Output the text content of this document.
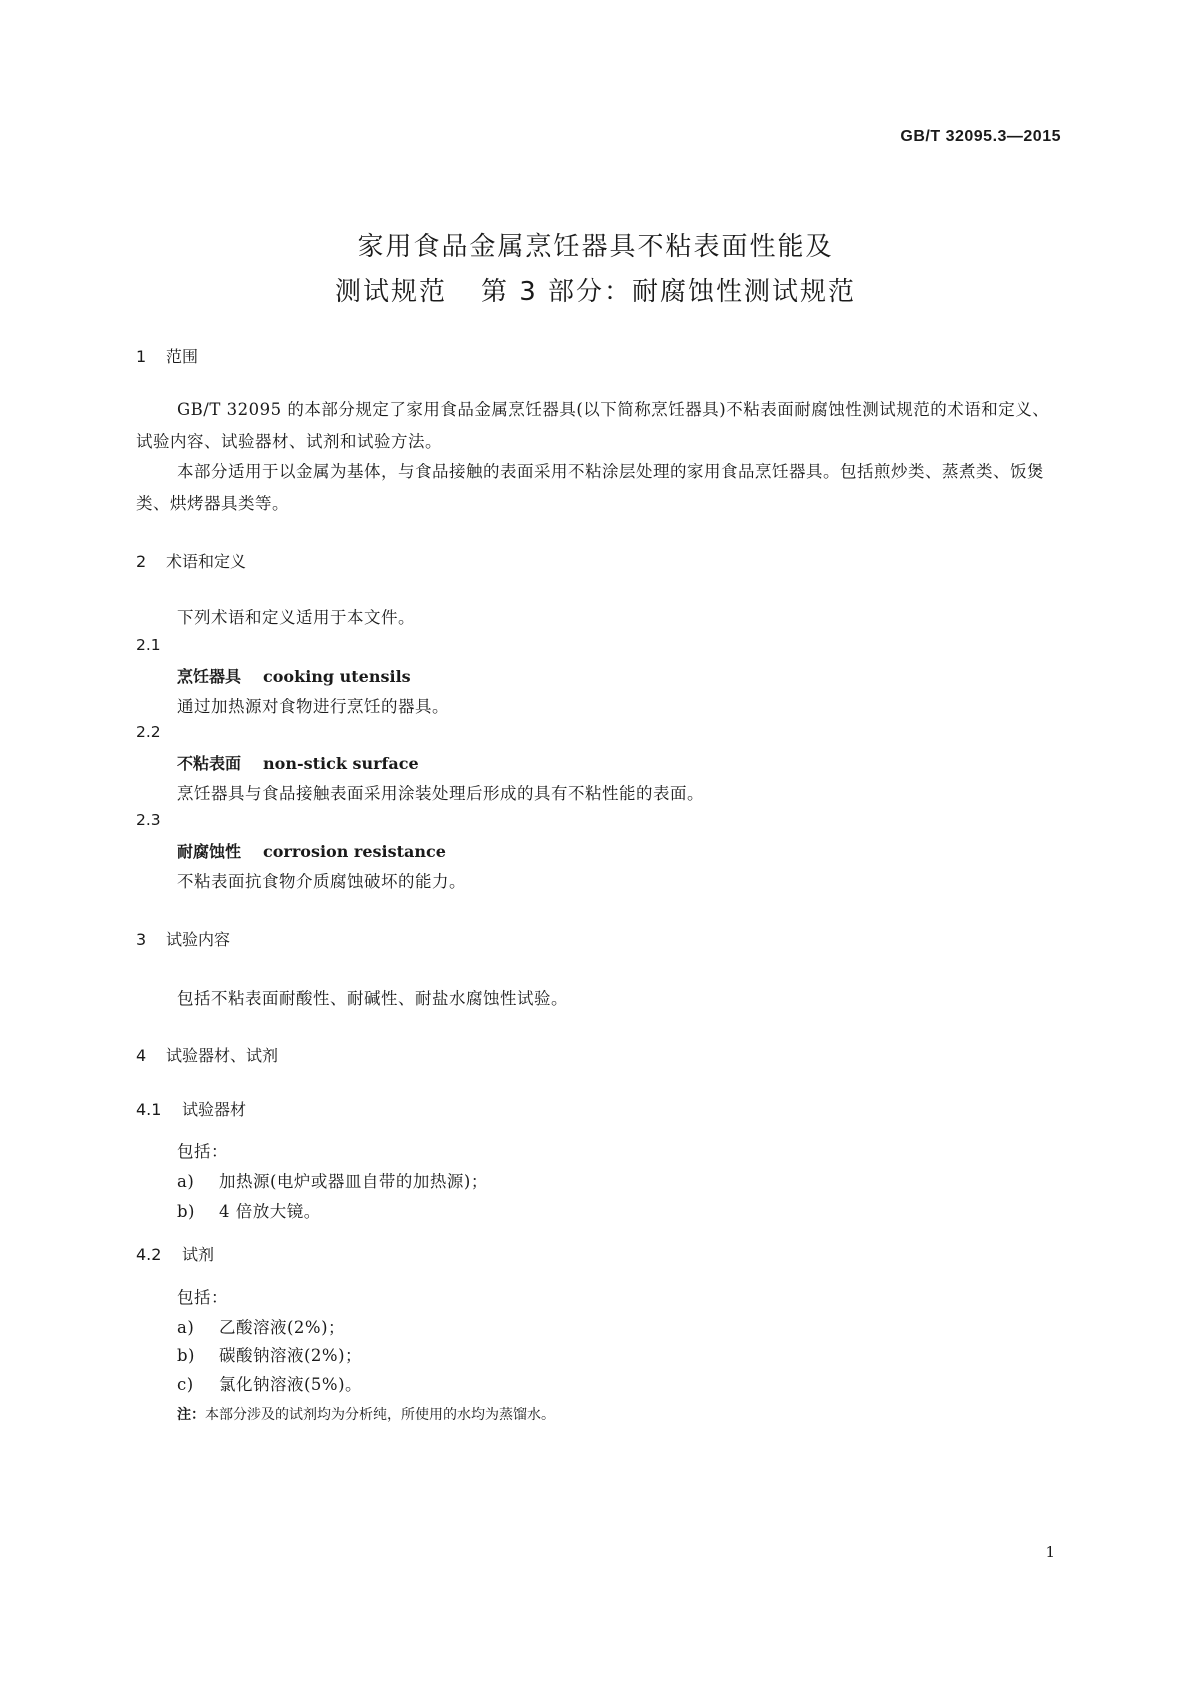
GB/T 32095.3—2015
家用食品金属烹饪器具不粘表面性能及
测试规范 第 3 部分：耐腐蚀性测试规范
1 范围
GB/T 32095 的本部分规定了家用食品金属烹饪器具(以下简称烹饪器具)不粘表面耐腐蚀性测试规范的术语和定义、试验内容、试验器材、试剂和试验方法。
本部分适用于以金属为基体，与食品接触的表面采用不粘涂层处理的家用食品烹饪器具。包括煎炒类、蒸煮类、饭煲类、烘烤器具类等。
2 术语和定义
下列术语和定义适用于本文件。
2.1
烹饪器具 cooking utensils
通过加热源对食物进行烹饪的器具。
2.2
不粘表面 non-stick surface
烹饪器具与食品接触表面采用涂装处理后形成的具有不粘性能的表面。
2.3
耐腐蚀性 corrosion resistance
不粘表面抗食物介质腐蚀破坏的能力。
3 试验内容
包括不粘表面耐酸性、耐碱性、耐盐水腐蚀性试验。
4 试验器材、试剂
4.1 试验器材
包括：
a) 加热源(电炉或器皿自带的加热源)；
b) 4 倍放大镜。
4.2 试剂
包括：
a) 乙酸溶液(2%)；
b) 碳酸钠溶液(2%)；
c) 氯化钠溶液(5%)。
注：本部分涉及的试剂均为分析纯，所使用的水均为蒸馏水。
1
